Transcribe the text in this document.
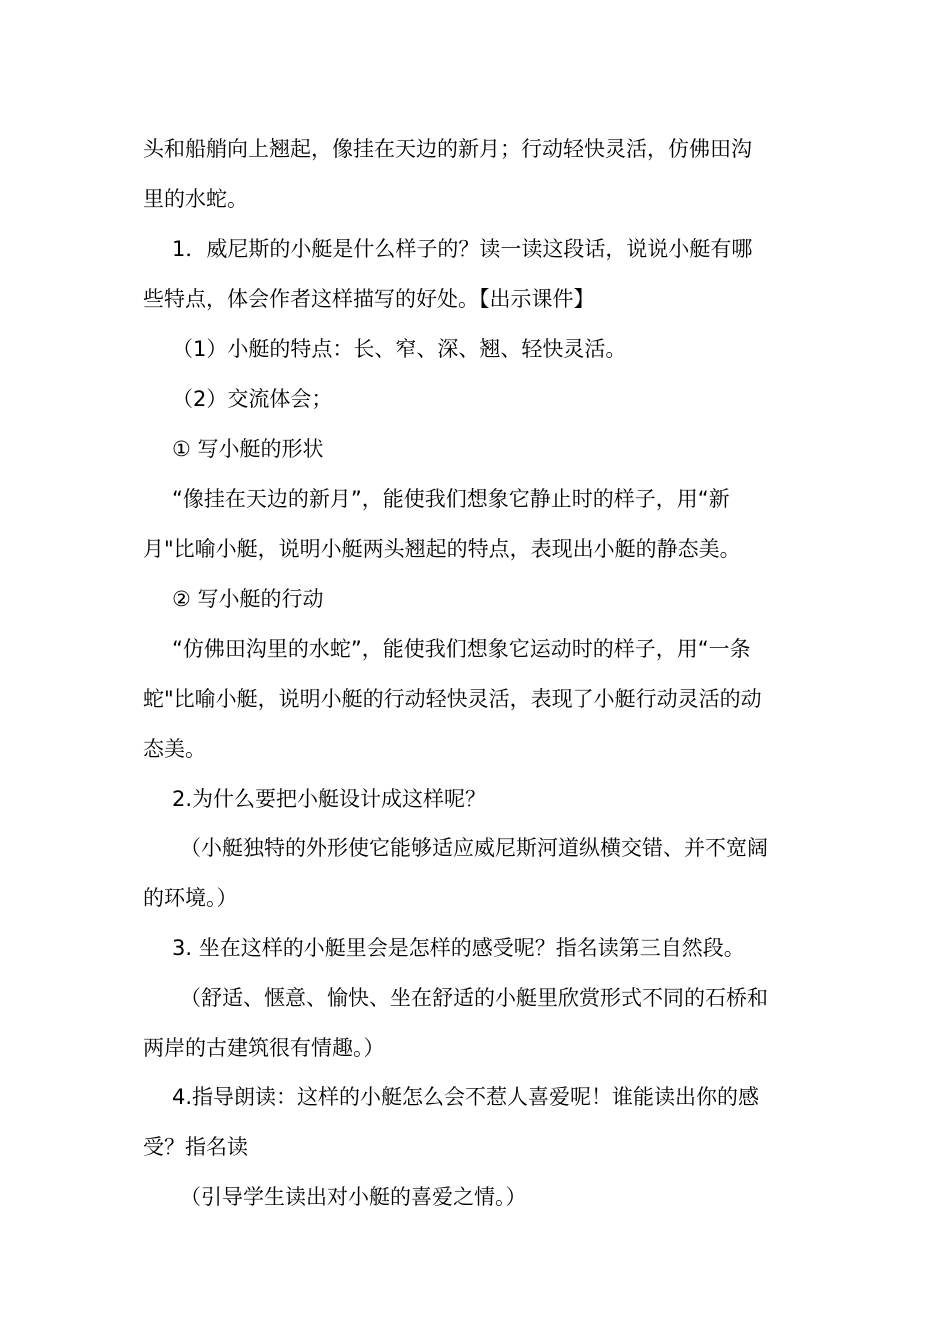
头和船艄向上翘起，像挂在天边的新月；行动轻快灵活，仿佛田沟
里的水蛇。
1．威尼斯的小艇是什么样子的？读一读这段话，说说小艇有哪
些特点，体会作者这样描写的好处。【出示课件】
（1）小艇的特点：长、窄、深、翘、轻快灵活。
（2）交流体会；
① 写小艇的形状
“像挂在天边的新月”，能使我们想象它静止时的样子，用“新
月"比喻小艇，说明小艇两头翘起的特点，表现出小艇的静态美。
② 写小艇的行动
“仿佛田沟里的水蛇”，能使我们想象它运动时的样子，用“一条
蛇"比喻小艇，说明小艇的行动轻快灵活，表现了小艇行动灵活的动
态美。
2.为什么要把小艇设计成这样呢？
（小艇独特的外形使它能够适应威尼斯河道纵横交错、并不宽阔
的环境。）
3. 坐在这样的小艇里会是怎样的感受呢？指名读第三自然段。
（舒适、惬意、愉快、坐在舒适的小艇里欣赏形式不同的石桥和
两岸的古建筑很有情趣。）
4.指导朗读：这样的小艇怎么会不惹人喜爱呢！谁能读出你的感
受？指名读
（引导学生读出对小艇的喜爱之情。）
